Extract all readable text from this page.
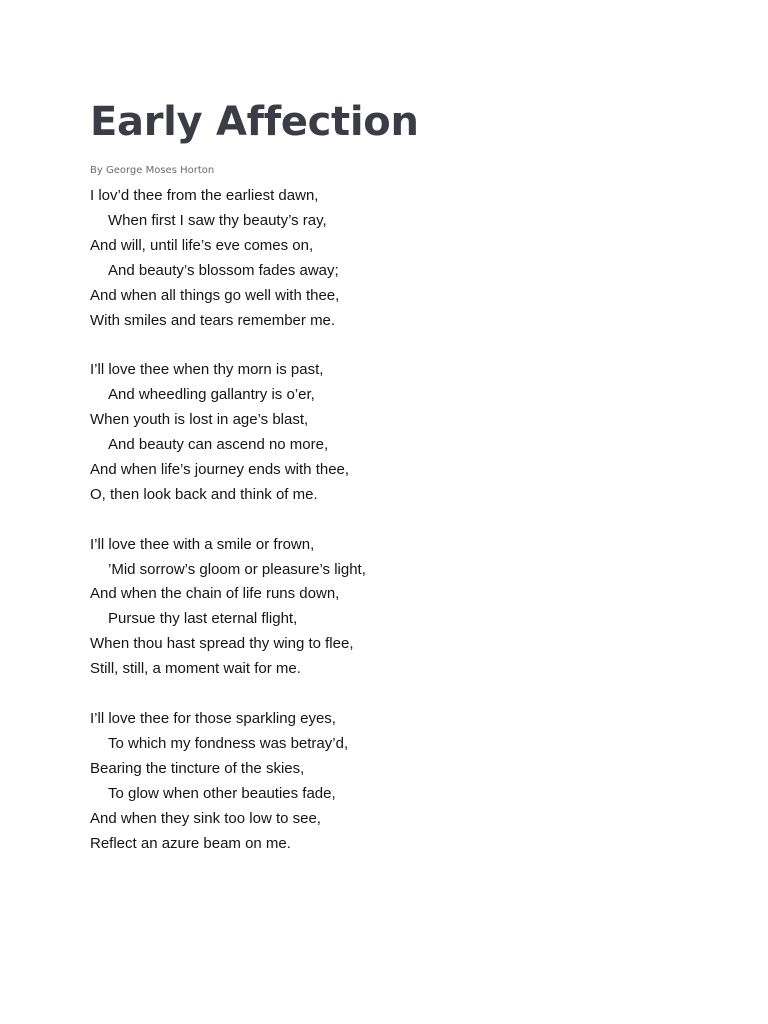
Early Affection
By George Moses Horton
I lov’d thee from the earliest dawn,
When first I saw thy beauty’s ray,
And will, until life’s eve comes on,
And beauty’s blossom fades away;
And when all things go well with thee,
With smiles and tears remember me.
I’ll love thee when thy morn is past,
And wheedling gallantry is o’er,
When youth is lost in age’s blast,
And beauty can ascend no more,
And when life’s journey ends with thee,
O, then look back and think of me.
I’ll love thee with a smile or frown,
’Mid sorrow’s gloom or pleasure’s light,
And when the chain of life runs down,
Pursue thy last eternal flight,
When thou hast spread thy wing to flee,
Still, still, a moment wait for me.
I’ll love thee for those sparkling eyes,
To which my fondness was betray’d,
Bearing the tincture of the skies,
To glow when other beauties fade,
And when they sink too low to see,
Reflect an azure beam on me.
